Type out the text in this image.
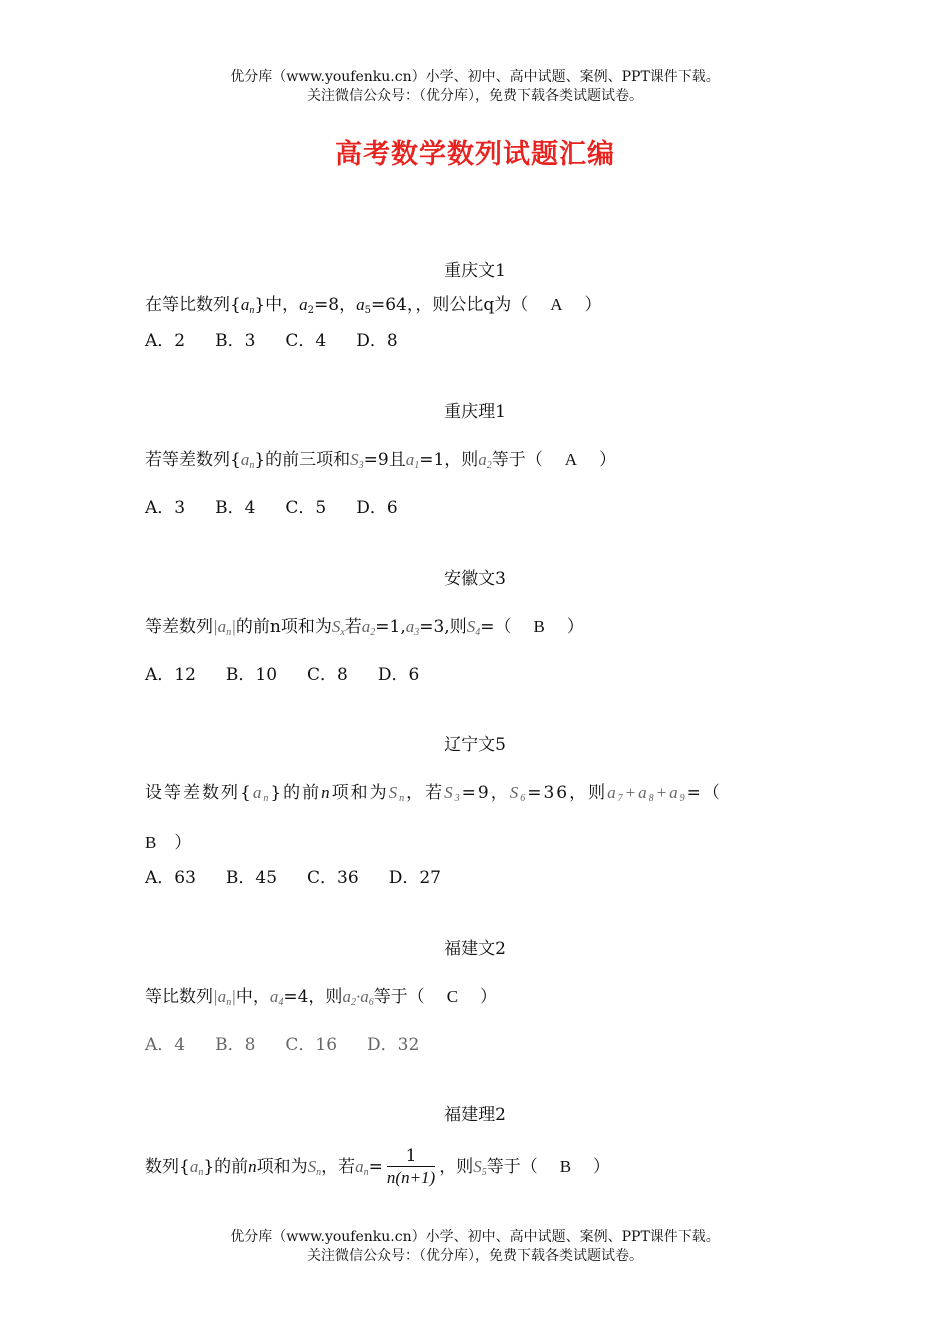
优分库（www.youfenku.cn）小学、初中、高中试题、案例、PPT课件下载。
关注微信公众号：（优分库），免费下载各类试题试卷。
高考数学数列试题汇编
重庆文1
在等比数列$\{a_n\}$中，$a_2=8$，$a_5=64$，，则公比q为（ A ）
A．2 B．3 C．4 D．8
重庆理1
若等差数列$\{a_n\}$的前三项和$S_3=9$且$a_1=1$，则$a_2$等于（ A ）
A．3 B．4 C．5 D．6
安徽文3
等差数列$|a_n|$的前n项和为$S_x$若$a_2=1,a_3=3$,则$S_4=$（ B ）
A．12 B．10 C．8 D．6
辽宁文5
设等差数列$\{a_n\}$的前n项和为$S_n$，若$S_3=9$，$S_6=36$，则$a_7+a_8+a_9=$（
B ）
A．63 B．45 C．36 D．27
福建文2
等比数列$|a_n|$中，$a_4=4$，则$a_2\cdot a_6$等于（ C ）
A．4 B．8 C．16 D．32
福建理2
数列$\{a_n\}$的前n项和为$S_n$，若$a_n= \frac{1}{n(n+1)}$ ，则$S_5$等于（ B ）
优分库（www.youfenku.cn）小学、初中、高中试题、案例、PPT课件下载。
关注微信公众号：（优分库），免费下载各类试题试卷。
